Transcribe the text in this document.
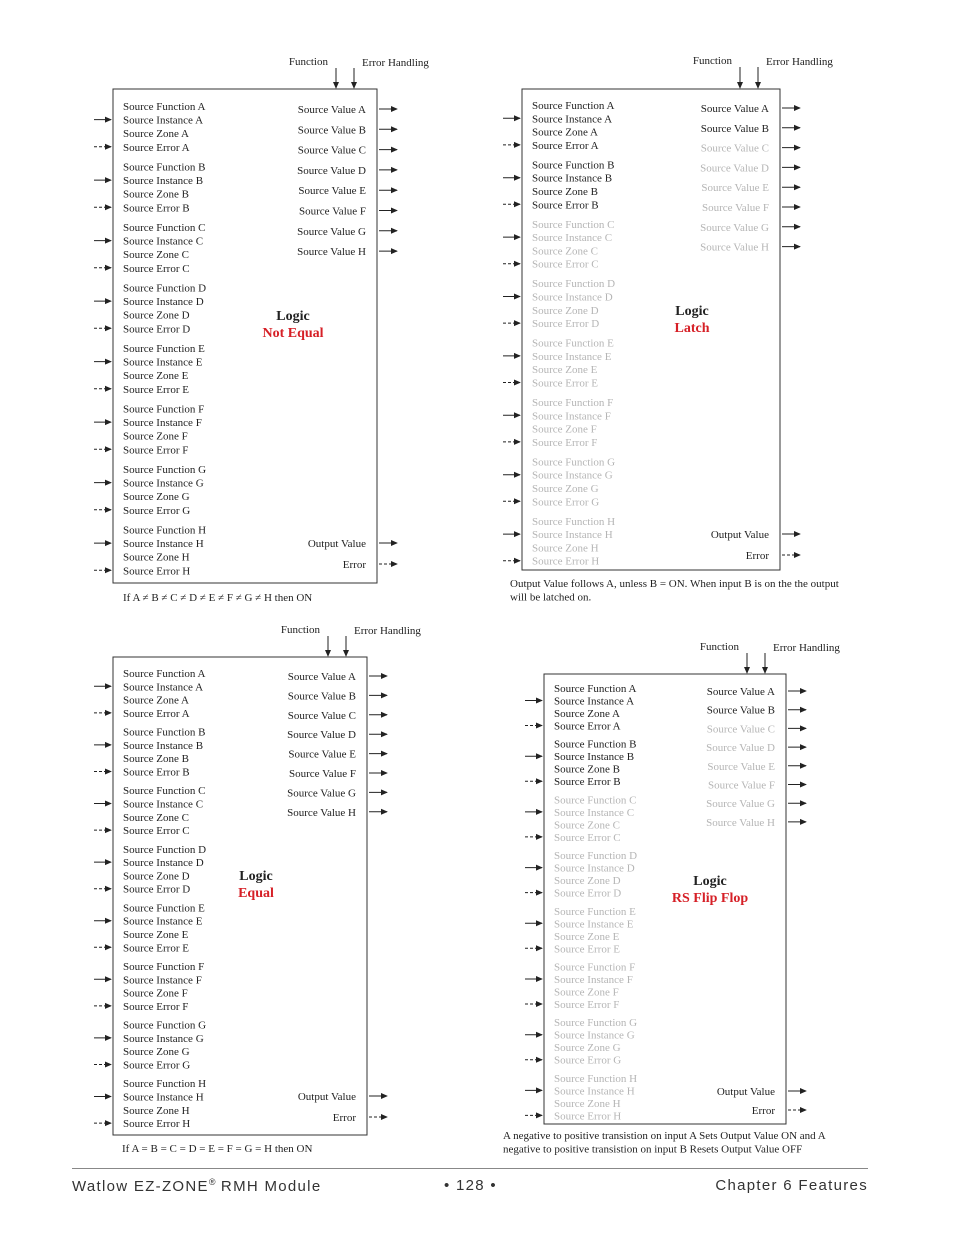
Function	Error Handling
Source Function A
Source Instance A
Source Zone A
Source Error A
Source Value A
Source Function B
Source Instance B
Source Zone B
Source Error B
Source Value B
Source Function C
Source Instance C
Source Zone C
Source Error C
Source Value C
Source Function D
Source Instance D
Source Zone D
Source Error D
Source Value D
Source Function E
Source Instance E
Source Zone E
Source Error E
Source Value E
Source Function F
Source Instance F
Source Zone F
Source Error F
Source Value F
Source Function G
Source Instance G
Source Zone G
Source Error G
Source Value G
Source Function H
Source Instance H
Source Zone H
Source Error H
Source Value H
Output Value
Error
Logic
Not Equal
If A ≠ B ≠ C ≠ D ≠ E ≠ F ≠ G ≠ H then ON
Function	Error Handling
Source Function A
Source Instance A
Source Zone A
Source Error A
Source Value A
Source Function B
Source Instance B
Source Zone B
Source Error B
Source Value B
Source Function C
Source Instance C
Source Zone C
Source Error C
Source Value C
Source Function D
Source Instance D
Source Zone D
Source Error D
Source Value D
Source Function E
Source Instance E
Source Zone E
Source Error E
Source Value E
Source Function F
Source Instance F
Source Zone F
Source Error F
Source Value F
Source Function G
Source Instance G
Source Zone G
Source Error G
Source Value G
Source Function H
Source Instance H
Source Zone H
Source Error H
Source Value H
Output Value
Error
Logic
Latch
Output Value follows A, unless B = ON. When input B is on the the output
will be latched on.
Function	Error Handling
Source Function A
Source Instance A
Source Zone A
Source Error A
Source Value A
Source Function B
Source Instance B
Source Zone B
Source Error B
Source Value B
Source Function C
Source Instance C
Source Zone C
Source Error C
Source Value C
Source Function D
Source Instance D
Source Zone D
Source Error D
Source Value D
Source Function E
Source Instance E
Source Zone E
Source Error E
Source Value E
Source Function F
Source Instance F
Source Zone F
Source Error F
Source Value F
Source Function G
Source Instance G
Source Zone G
Source Error G
Source Value G
Source Function H
Source Instance H
Source Zone H
Source Error H
Source Value H
Output Value
Error
Logic
Equal
If A = B = C = D = E = F = G = H then ON
Function	Error Handling
Source Function A
Source Instance A
Source Zone A
Source Error A
Source Value A
Source Function B
Source Instance B
Source Zone B
Source Error B
Source Value B
Source Function C
Source Instance C
Source Zone C
Source Error C
Source Value C
Source Function D
Source Instance D
Source Zone D
Source Error D
Source Value D
Source Function E
Source Instance E
Source Zone E
Source Error E
Source Value E
Source Function F
Source Instance F
Source Zone F
Source Error F
Source Value F
Source Function G
Source Instance G
Source Zone G
Source Error G
Source Value G
Source Function H
Source Instance H
Source Zone H
Source Error H
Source Value H
Output Value
Error
Logic
RS Flip Flop
A negative to positive transistion on input A Sets Output Value ON and A
negative to positive transistion on input B Resets Output Value OFF
Watlow EZ-ZONE® RMH Module	• 128 •	Chapter 6 Features
